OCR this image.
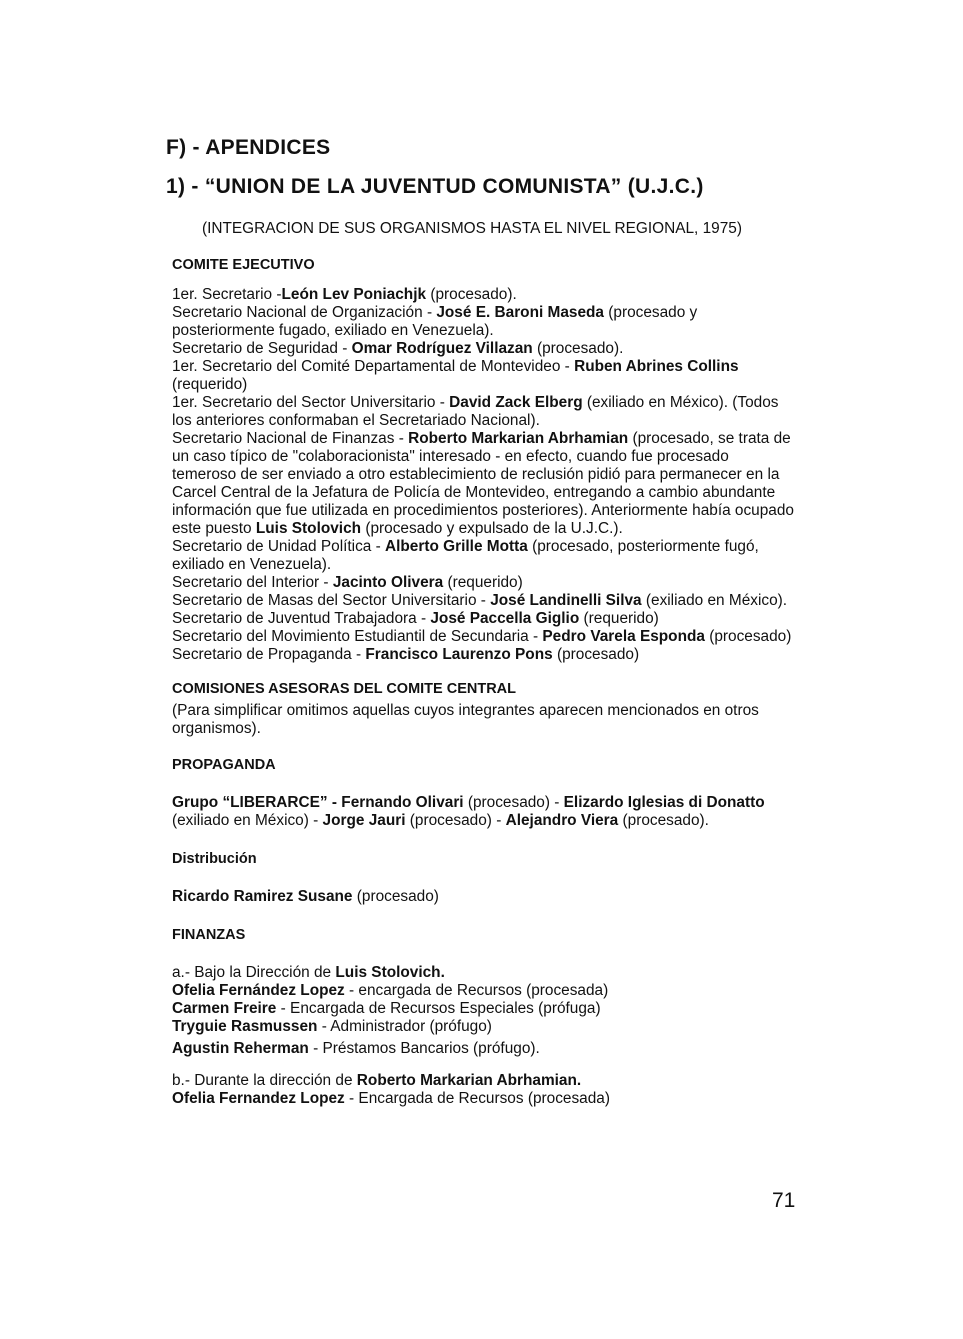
F) - APENDICES
1) - “UNION DE LA JUVENTUD COMUNISTA” (U.J.C.)

(INTEGRACION DE SUS ORGANISMOS HASTA EL NIVEL REGIONAL, 1975)

COMITE EJECUTIVO

1er. Secretario -León Lev Poniachjk (procesado).

Secretario Nacional de Organización - José E. Baroni Maseda (procesado y posteriormente fugado, exiliado en Venezuela).

Secretario de Seguridad - Omar Rodríguez Villazan (procesado).

1er. Secretario del Comité Departamental de Montevideo - Ruben Abrines Collins (requerido)

1er. Secretario del Sector Universitario - David Zack Elberg (exiliado en México). (Todos los anteriores conformaban el Secretariado Nacional).

Secretario Nacional de Finanzas - Roberto Markarian Abrhamian (procesado, se trata de un caso típico de "colaboracionista" interesado - en efecto, cuando fue procesado temeroso de ser enviado a otro establecimiento de reclusión pidió para permanecer en la Carcel Central de la Jefatura de Policía de Montevideo, entregando a cambio abundante información que fue utilizada en procedimientos posteriores). Anteriormente había ocupado este puesto Luis Stolovich (procesado y expulsado de la U.J.C.).

Secretario de Unidad Política - Alberto Grille Motta (procesado, posteriormente fugó, exiliado en Venezuela).

Secretario del Interior - Jacinto Olivera (requerido)

Secretario de Masas del Sector Universitario - José Landinelli Silva (exiliado en México).

Secretario de Juventud Trabajadora - José Paccella Giglio (requerido)

Secretario del Movimiento Estudiantil de Secundaria - Pedro Varela Esponda (procesado)

Secretario de Propaganda - Francisco Laurenzo Pons (procesado)

COMISIONES ASESORAS DEL COMITE CENTRAL

(Para simplificar omitimos aquellas cuyos integrantes aparecen mencionados en otros organismos).

PROPAGANDA

Grupo “LIBERARCE” - Fernando Olivari (procesado) - Elizardo Iglesias di Donatto (exiliado en México) - Jorge Jauri (procesado) - Alejandro Viera (procesado).

Distribución

Ricardo Ramirez Susane (procesado)

FINANZAS

a.- Bajo la Dirección de Luis Stolovich.

Ofelia Fernández Lopez - encargada de Recursos (procesada)

Carmen Freire - Encargada de Recursos Especiales (prófuga)

Tryguie Rasmussen - Administrador (prófugo)

Agustin Reherman - Préstamos Bancarios (prófugo).

b.- Durante la dirección de Roberto Markarian Abrhamian.

Ofelia Fernandez Lopez - Encargada de Recursos (procesada)

71
